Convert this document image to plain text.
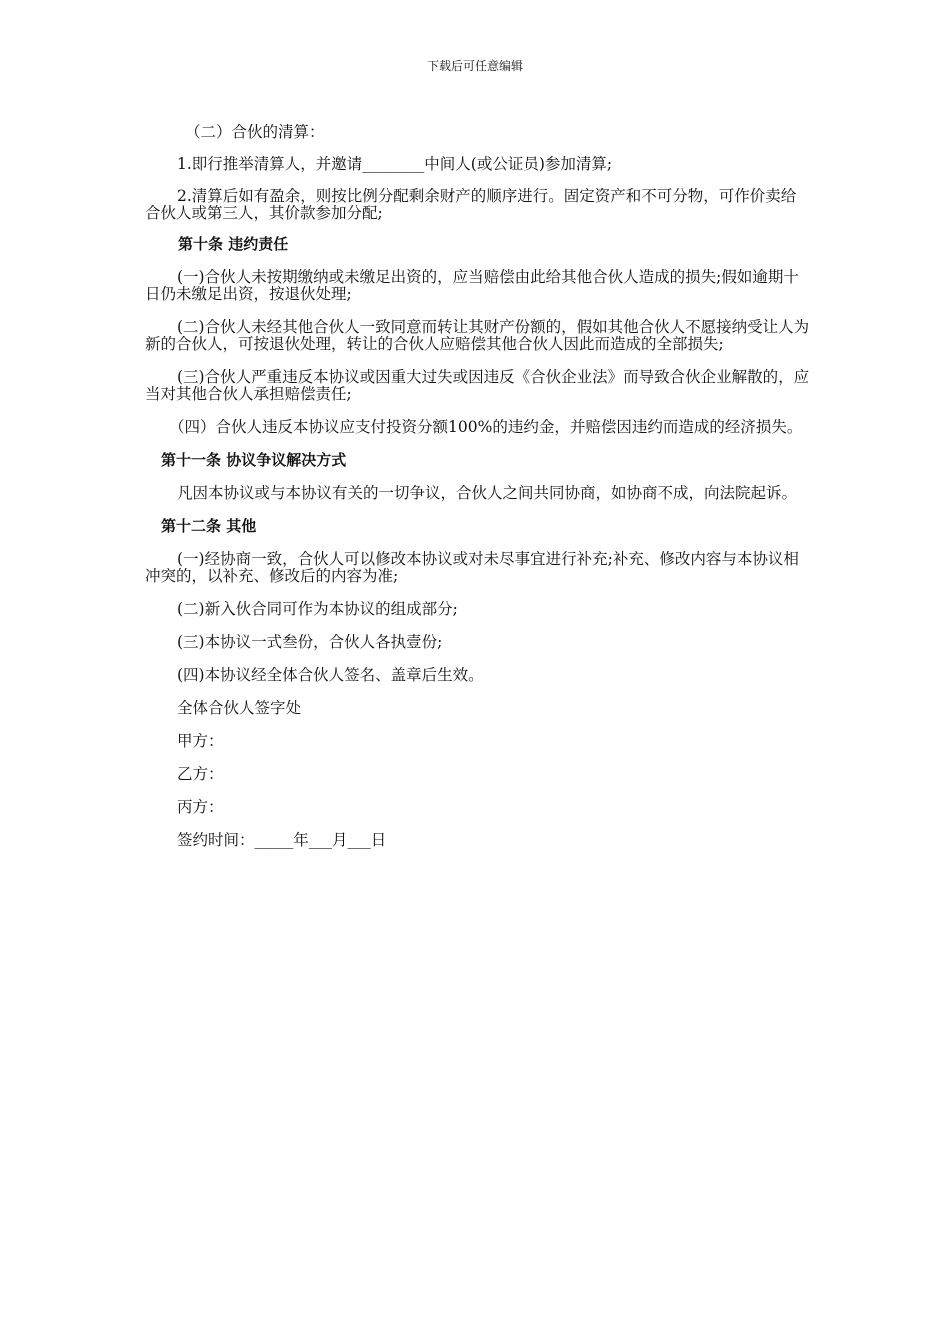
下载后可任意编辑

（二）合伙的清算：

1.即行推举清算人，并邀请________中间人(或公证员)参加清算;

2.清算后如有盈余，则按比例分配剩余财产的顺序进行。固定资产和不可分物，可作价卖给合伙人或第三人，其价款参加分配;

第十条 违约责任

(一)合伙人未按期缴纳或未缴足出资的，应当赔偿由此给其他合伙人造成的损失;假如逾期十日仍未缴足出资，按退伙处理;

(二)合伙人未经其他合伙人一致同意而转让其财产份额的，假如其他合伙人不愿接纳受让人为新的合伙人，可按退伙处理，转让的合伙人应赔偿其他合伙人因此而造成的全部损失;

(三)合伙人严重违反本协议或因重大过失或因违反《合伙企业法》而导致合伙企业解散的，应当对其他合伙人承担赔偿责任;

（四）合伙人违反本协议应支付投资分额100%的违约金，并赔偿因违约而造成的经济损失。

第十一条 协议争议解决方式

凡因本协议或与本协议有关的一切争议，合伙人之间共同协商，如协商不成，向法院起诉。

第十二条 其他

(一)经协商一致，合伙人可以修改本协议或对未尽事宜进行补充;补充、修改内容与本协议相冲突的，以补充、修改后的内容为准;

(二)新入伙合同可作为本协议的组成部分;

(三)本协议一式叁份，合伙人各执壹份;

(四)本协议经全体合伙人签名、盖章后生效。

全体合伙人签字处

甲方：

乙方：

丙方：

签约时间：_____年___月___日
